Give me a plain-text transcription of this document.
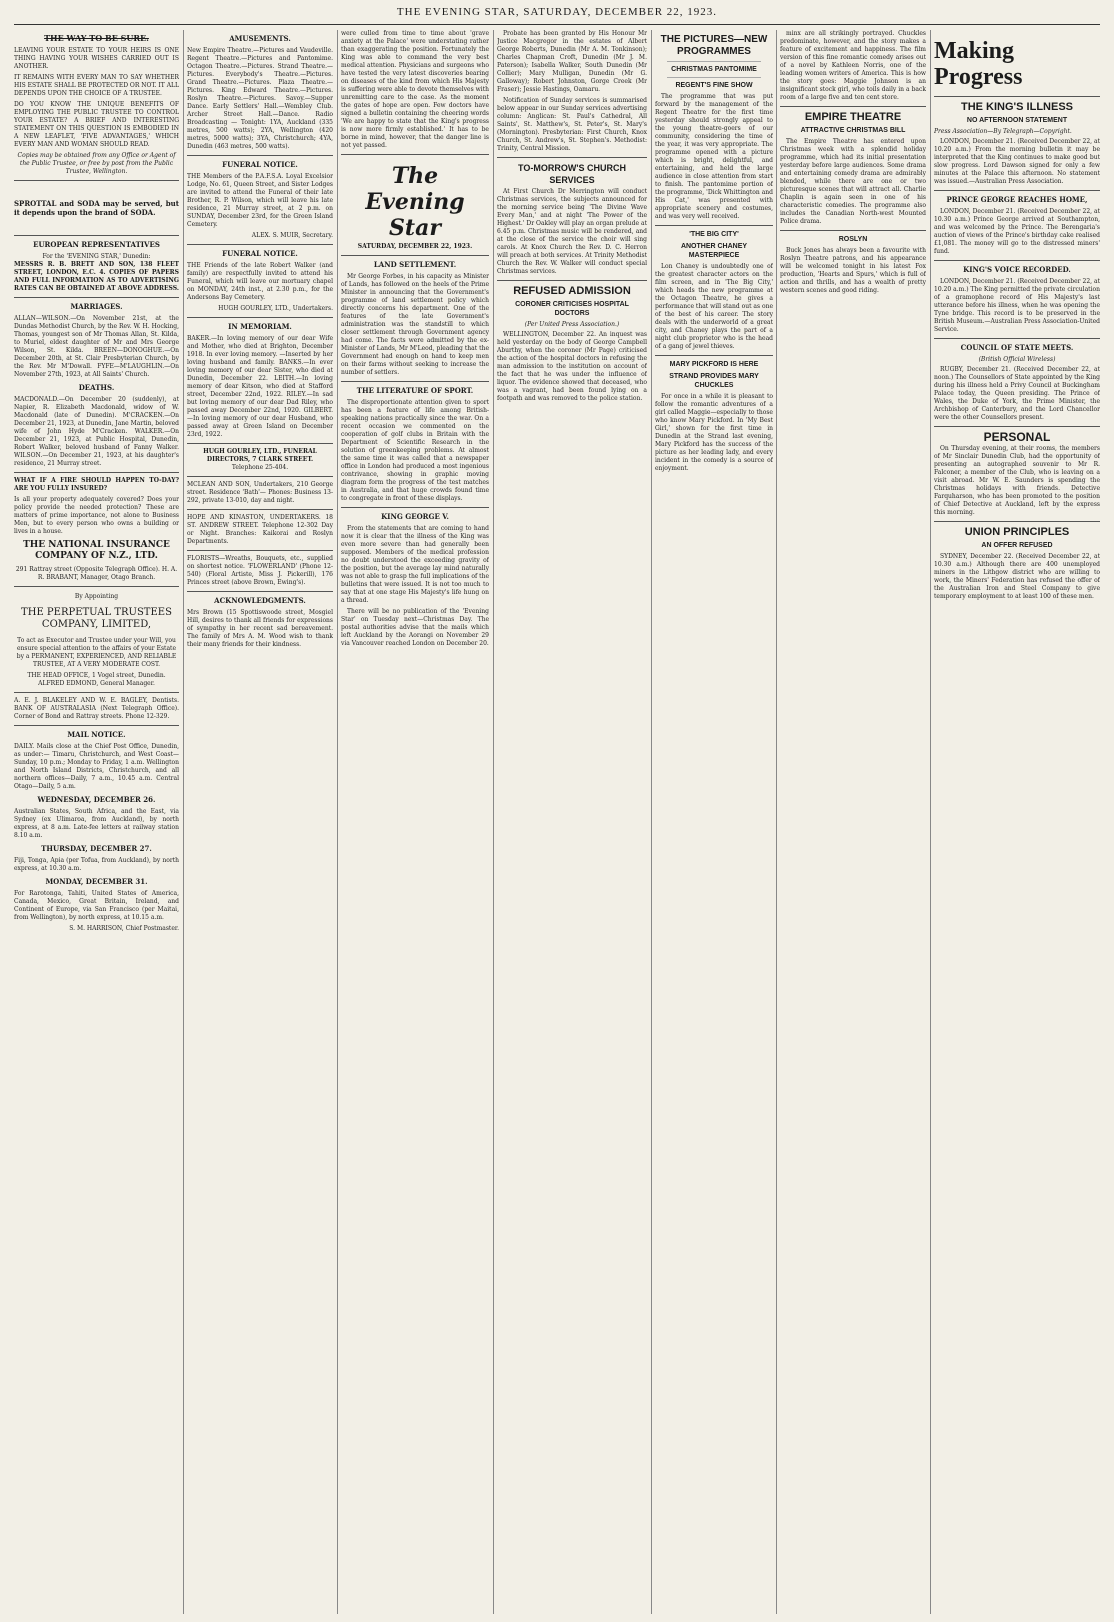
THE EVENING STAR, SATURDAY, DECEMBER 22, 1923.
THE WAY TO BE SURE.
LEAVING YOUR ESTATE TO YOUR HEIRS IS ONE THING HAVING YOUR WISHES CARRIED OUT IS ANOTHER.
IT REMAINS WITH EVERY MAN TO SAY WHETHER HIS ESTATE SHALL BE PROTECTED OR NOT. IT ALL DEPENDS UPON THE CHOICE OF A TRUSTEE.
DO YOU KNOW THE UNIQUE BENEFITS OF EMPLOYING THE PUBLIC TRUSTEE TO CONTROL YOUR ESTATE? A BRIEF AND INTERESTING STATEMENT ON THIS QUESTION IS EMBODIED IN A NEW LEAFLET, 'FIVE ADVANTAGES,' WHICH EVERY MAN AND WOMAN SHOULD READ.
Copies may be obtained from any Office or Agent of the Public Trustee, or free by post from the Public Trustee, Wellington.
SPROTTAL and SODA may be served, but it depends upon the brand of SODA.
EUROPEAN REPRESENTATIVES
For the 'EVENING STAR,' Dunedin:
MESSRS R. B. BRETT AND SON, 138 FLEET STREET, LONDON, E.C. 4. COPIES OF PAPERS AND FULL INFORMATION AS TO ADVERTISING RATES CAN BE OBTAINED AT ABOVE ADDRESS.
MARRIAGES.
ALLAN—WILSON.—On November 21st, at the Dundas Methodist Church, by the Rev. W. H. Hocking, Thomas, youngest son of Mr Thomas Allan, St. Kilda, to Muriel, eldest daughter of Mr and Mrs George Wilson, St. Kilda. BREEN—DONOGHUE.—On December 20th, at St. Clair Presbyterian Church, by the Rev. Mr M'Dowall. FYFE—M'LAUGHLIN.—On November 27th, 1923, at All Saints' Church.
DEATHS.
MACDONALD.—On December 20 (suddenly), at Napier, R. Elizabeth Macdonald, widow of W. Macdonald (late of Dunedin). M'CRACKEN.—On December 21, 1923, at Dunedin, Jane Martin, beloved wife of John Hyde M'Cracken. WALKER.—On December 21, 1923, at Public Hospital, Dunedin, Robert Walker, beloved husband of Fanny Walker. WILSON.—On December 21, 1923, at his daughter's residence, 21 Murray street.
WHAT IF A FIRE SHOULD HAPPEN TO-DAY? ARE YOU FULLY INSURED?
Is all your property adequately covered? Does your policy provide the needed protection? These are matters of prime importance, not alone to Business Men, but to every person who owns a building or lives in a house.
THE NATIONAL INSURANCE COMPANY OF N.Z., LTD.
291 Rattray street (Opposite Telegraph Office). H. A. R. BRABANT, Manager, Otago Branch.
By Appointing
THE PERPETUAL TRUSTEES COMPANY, LIMITED,
To act as Executor and Trustee under your Will, you ensure special attention to the affairs of your Estate by a PERMANENT, EXPERIENCED, AND RELIABLE TRUSTEE, AT A VERY MODERATE COST.
THE HEAD OFFICE, 1 Vogel street, Dunedin.
ALFRED EDMOND, General Manager.
A. E. J. BLAKELEY AND W. E. BAGLEY, Dentists. BANK OF AUSTRALASIA (Next Telegraph Office). Corner of Bond and Rattray streets. Phone 12-329.
MAIL NOTICE.
DAILY. Mails close at the Chief Post Office, Dunedin, as under:— Timaru, Christchurch, and West Coast—Sunday, 10 p.m.; Monday to Friday, 1 a.m. Wellington and North Island Districts, Christchurch, and all northern offices—Daily, 7 a.m., 10.45 a.m. Central Otago—Daily, 5 a.m.
WEDNESDAY, DECEMBER 26.
Australian States, South Africa, and the East, via Sydney (ex Ulimaroa, from Auckland), by north express, at 8 a.m. Late-fee letters at railway station 8.10 a.m.
THURSDAY, DECEMBER 27.
Fiji, Tonga, Apia (per Tofua, from Auckland), by north express, at 10.30 a.m.
MONDAY, DECEMBER 31.
For Rarotonga, Tahiti, United States of America, Canada, Mexico, Great Britain, Ireland, and Continent of Europe, via San Francisco (per Maitai, from Wellington), by north express, at 10.15 a.m.
S. M. HARRISON, Chief Postmaster.
AMUSEMENTS.
New Empire Theatre.—Pictures and Vaudeville. Regent Theatre.—Pictures and Pantomime. Octagon Theatre.—Pictures. Strand Theatre.—Pictures. Everybody's Theatre.—Pictures. Grand Theatre.—Pictures. Plaza Theatre.—Pictures. King Edward Theatre.—Pictures. Roslyn Theatre.—Pictures. Savoy.—Supper Dance. Early Settlers' Hall.—Wembley Club. Archer Street Hall.—Dance. Radio Broadcasting — Tonight: 1YA, Auckland (335 metres, 500 watts); 2YA, Wellington (420 metres, 5000 watts); 3YA, Christchurch; 4YA, Dunedin (463 metres, 500 watts).
FUNERAL NOTICE.
THE Members of the P.A.F.S.A. Loyal Excelsior Lodge, No. 61, Queen Street, and Sister Lodges are invited to attend the Funeral of their late Brother, R. P. Wilson, which will leave his late residence, 21 Murray street, at 2 p.m. on SUNDAY, December 23rd, for the Green Island Cemetery.
ALEX. S. MUIR, Secretary.
FUNERAL NOTICE.
THE Friends of the late Robert Walker (and family) are respectfully invited to attend his Funeral, which will leave our mortuary chapel on MONDAY, 24th inst., at 2.30 p.m., for the Andersons Bay Cemetery.
HUGH GOURLEY, LTD., Undertakers.
IN MEMORIAM.
BAKER.—In loving memory of our dear Wife and Mother, who died at Brighton, December 1918. In ever loving memory. —Inserted by her loving husband and family. BANKS.—In ever loving memory of our dear Sister, who died at Dunedin, December 22. LEITH.—In loving memory of dear Kitson, who died at Stafford street, December 22nd, 1922. RILEY.—In sad but loving memory of our dear Dad Riley, who passed away December 22nd, 1920. GILBERT.—In loving memory of our dear Husband, who passed away at Green Island on December 23rd, 1922.
HUGH GOURLEY, LTD., FUNERAL DIRECTORS, 7 CLARK STREET.
Telephone 25-404.
MCLEAN AND SON, Undertakers, 210 George street. Residence 'Bath'— Phones: Business 13-292, private 13-010, day and night.
HOPE AND KINASTON, UNDERTAKERS. 18 ST. ANDREW STREET. Telephone 12-302 Day or Night. Branches: Kaikorai and Roslyn Departments.
FLORISTS—Wreaths, Bouquets, etc., supplied on shortest notice. 'FLOWERLAND' (Phone 12-540) (Floral Artiste, Miss J. Pickerill), 176 Princes street (above Brown, Ewing's).
ACKNOWLEDGMENTS.
Mrs Brown (15 Spottiswoode street, Mosgiel Hill, desires to thank all friends for expressions of sympathy in her recent sad bereavement. The family of Mrs A. M. Wood wish to thank their many friends for their kindness.
were culled from time to time about 'grave anxiety at the Palace' were understating rather than exaggerating the position. Fortunately the King was able to command the very best medical attention. Physicians and surgeons who have tested the very latest discoveries bearing on diseases of the kind from which His Majesty is suffering were able to devote themselves with unremitting care to the case. As the moment the gates of hope are open. Few doctors have signed a bulletin containing the cheering words 'We are happy to state that the King's progress is now more firmly established.' It has to be borne in mind, however, that the danger line is not yet passed.
The Evening Star
SATURDAY, DECEMBER 22, 1923.
LAND SETTLEMENT.
Mr George Forbes, in his capacity as Minister of Lands, has followed on the heels of the Prime Minister in announcing that the Government's programme of land settlement policy which directly concerns his department. One of the features of the late Government's administration was the standstill to which closer settlement through Government agency had come. The facts were admitted by the ex-Minister of Lands, Mr M'Leod, pleading that the Government had enough on hand to keep men on their farms without seeking to increase the number of settlers.
THE LITERATURE OF SPORT.
The disproportionate attention given to sport has been a feature of life among British-speaking nations practically since the war. On a recent occasion we commented on the cooperation of golf clubs in Britain with the Department of Scientific Research in the solution of greenkeeping problems. At almost the same time it was called that a newspaper office in London had produced a most ingenious contrivance, showing in graphic moving diagram form the progress of the test matches in Australia, and that huge crowds found time to congregate in front of these displays.
KING GEORGE V.
From the statements that are coming to hand now it is clear that the illness of the King was even more severe than had generally been supposed. Members of the medical profession no doubt understood the exceeding gravity of the position, but the average lay mind naturally was not able to grasp the full implications of the bulletins that were issued. It is not too much to say that at one stage His Majesty's life hung on a thread.
There will be no publication of the 'Evening Star' on Tuesday next—Christmas Day. The postal authorities advise that the mails which left Auckland by the Aorangi on November 29 via Vancouver reached London on December 20.
Probate has been granted by His Honour Mr Justice Macgregor in the estates of Albert George Roberts, Dunedin (Mr A. M. Tonkinson); Charles Chapman Croft, Dunedin (Mr J. M. Paterson); Isabella Walker, South Dunedin (Mr Collier); Mary Mulligan, Dunedin (Mr G. Galloway); Robert Johnston, Gorge Creek (Mr Fraser); Jessie Hastings, Oamaru.
Notification of Sunday services is summarised below appear in our Sunday services advertising column: Anglican: St. Paul's Cathedral, All Saints', St. Matthew's, St. Peter's, St. Mary's (Mornington). Presbyterian: First Church, Knox Church, St. Andrew's, St. Stephen's. Methodist: Trinity, Central Mission.
TO-MORROW'S CHURCH SERVICES
At First Church Dr Merrington will conduct Christmas services, the subjects announced for the morning service being 'The Divine Wave Every Man,' and at night 'The Power of the Highest.' Dr Oakley will play an organ prelude at 6.45 p.m. Christmas music will be rendered, and at the close of the service the choir will sing carols. At Knox Church the Rev. D. C. Herron will preach at both services. At Trinity Methodist Church the Rev. W. Walker will conduct special Christmas services.
REFUSED ADMISSION
CORONER CRITICISES HOSPITAL DOCTORS
(Per United Press Association.)
WELLINGTON, December 22. An inquest was held yesterday on the body of George Campbell Aburthy, when the coroner (Mr Page) criticised the action of the hospital doctors in refusing the man admission to the institution on account of the fact that he was under the influence of liquor. The evidence showed that deceased, who was a vagrant, had been found lying on a footpath and was removed to the police station.
THE PICTURES—NEW PROGRAMMES
CHRISTMAS PANTOMIME
REGENT'S FINE SHOW
The programme that was put forward by the management of the Regent Theatre for the first time yesterday should strongly appeal to the young theatre-goers of our community, considering the time of the year, it was very appropriate. The programme opened with a picture which is bright, delightful, and entertaining, and held the large audience in close attention from start to finish. The pantomime portion of the programme, 'Dick Whittington and His Cat,' was presented with appropriate scenery and costumes, and was very well received.
'THE BIG CITY'
ANOTHER CHANEY MASTERPIECE
Lon Chaney is undoubtedly one of the greatest character actors on the film screen, and in 'The Big City,' which heads the new programme at the Octagon Theatre, he gives a performance that will stand out as one of the best of his career. The story deals with the underworld of a great city, and Chaney plays the part of a night club proprietor who is the head of a gang of jewel thieves.
MARY PICKFORD IS HERE
STRAND PROVIDES MARY CHUCKLES
For once in a while it is pleasant to follow the romantic adventures of a girl called Maggie—especially to those who know Mary Pickford. In 'My Best Girl,' shown for the first time in Dunedin at the Strand last evening, Mary Pickford has the success of the picture as her leading lady, and every incident in the comedy is a source of enjoyment.
minx are all strikingly portrayed. Chuckles predominate, however, and the story makes a feature of excitement and happiness. The film version of this fine romantic comedy arises out of a novel by Kathleen Norris, one of the leading women writers of America. This is how the story goes: Maggie Johnson is an insignificant stock girl, who toils daily in a back room of a large five and ten cent store.
EMPIRE THEATRE
ATTRACTIVE CHRISTMAS BILL
The Empire Theatre has entered upon Christmas week with a splendid holiday programme, which had its initial presentation yesterday before large audiences. Some drama and entertaining comedy drama are admirably blended, while there are one or two picturesque scenes that will attract all. Charlie Chaplin is again seen in one of his characteristic comedies. The programme also includes the Canadian North-west Mounted Police drama.
ROSLYN
Buck Jones has always been a favourite with Roslyn Theatre patrons, and his appearance will be welcomed tonight in his latest Fox production, 'Hearts and Spurs,' which is full of action and thrills, and has a wealth of pretty western scenes and good riding.
Making Progress
THE KING'S ILLNESS
NO AFTERNOON STATEMENT
Press Association—By Telegraph—Copyright.
LONDON, December 21. (Received December 22, at 10.20 a.m.) From the morning bulletin it may be interpreted that the King continues to make good but slow progress. Lord Dawson signed for only a few minutes at the Palace this afternoon. No statement was issued.—Australian Press Association.
PRINCE GEORGE REACHES HOME,
LONDON, December 21. (Received December 22, at 10.30 a.m.) Prince George arrived at Southampton, and was welcomed by the Prince. The Berengaria's auction of views of the Prince's birthday cake realised £1,081. The money will go to the distressed miners' fund.
KING'S VOICE RECORDED.
LONDON, December 21. (Received December 22, at 10.20 a.m.) The King permitted the private circulation of a gramophone record of His Majesty's last utterance before his illness, when he was opening the Tyne bridge. This record is to be preserved in the British Museum.—Australian Press Association-United Service.
COUNCIL OF STATE MEETS.
(British Official Wireless)
RUGBY, December 21. (Received December 22, at noon.) The Counsellors of State appointed by the King during his illness held a Privy Council at Buckingham Palace today, the Queen presiding. The Prince of Wales, the Duke of York, the Prime Minister, the Archbishop of Canterbury, and the Lord Chancellor were the other Counsellors present.
PERSONAL
On Thursday evening, at their rooms, the members of Mr Sinclair Dunedin Club, had the opportunity of presenting an autographed souvenir to Mr R. Falconer, a member of the Club, who is leaving on a visit abroad. Mr W. E. Saunders is spending the Christmas holidays with friends. Detective Farquharson, who has been promoted to the position of Chief Detective at Auckland, left by the express this morning.
UNION PRINCIPLES
AN OFFER REFUSED
SYDNEY, December 22. (Received December 22, at 10.30 a.m.) Although there are 400 unemployed miners in the Lithgow district who are willing to work, the Miners' Federation has refused the offer of the Australian Iron and Steel Company to give temporary employment to at least 100 of these men.
